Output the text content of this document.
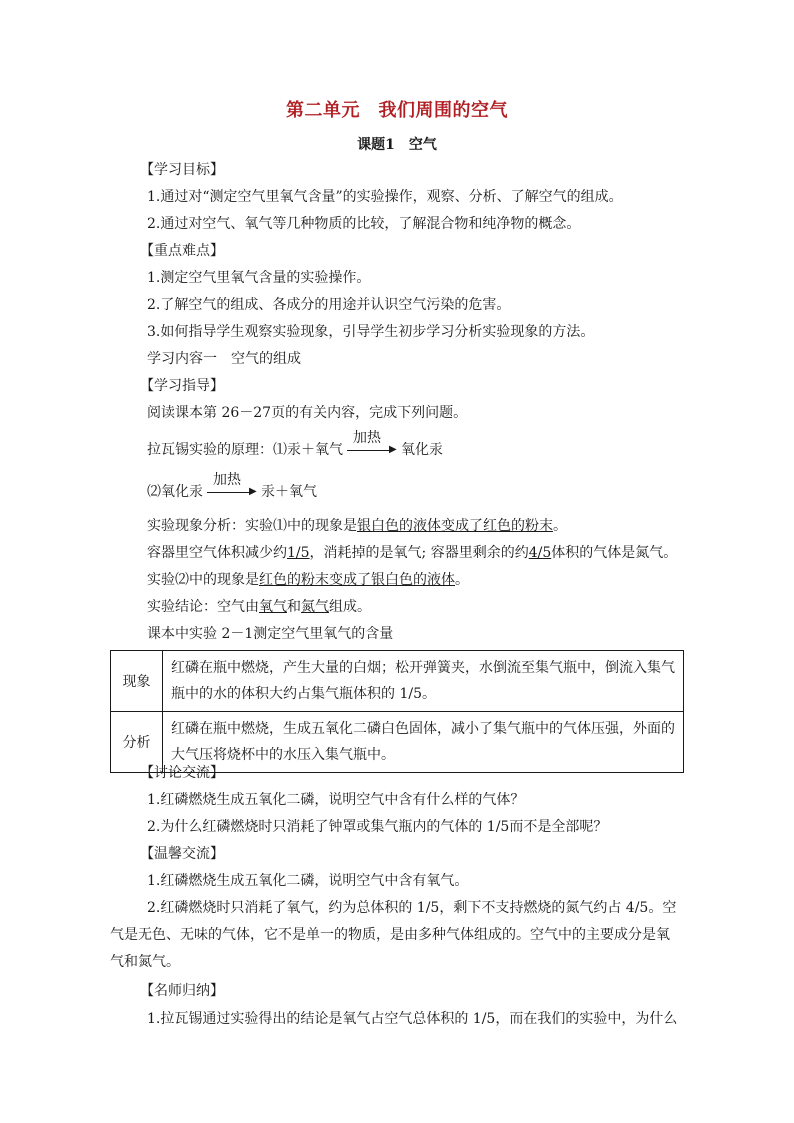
第二单元　我们周围的空气
课题1　空气
【学习目标】
1.通过对“测定空气里氧气含量”的实验操作，观察、分析、了解空气的组成。
2.通过对空气、氧气等几种物质的比较，了解混合物和纯净物的概念。
【重点难点】
1.测定空气里氧气含量的实验操作。
2.了解空气的组成、各成分的用途并认识空气污染的危害。
3.如何指导学生观察实验现象，引导学生初步学习分析实验现象的方法。
学习内容一　空气的组成
【学习指导】
阅读课本第 26－27页的有关内容，完成下列问题。
拉瓦锡实验的原理：⑴汞＋氧气
加热
▶ 氧化汞
⑵氧化汞
加热
▶ 汞＋氧气
实验现象分析：实验⑴中的现象是银白色的液体变成了红色的粉末。
容器里空气体积减少约1/5，消耗掉的是氧气; 容器里剩余的约4/5体积的气体是氮气。
实验⑵中的现象是红色的粉末变成了银白色的液体。
实验结论：空气由氧气和氮气组成。
课本中实验 2－1测定空气里氧气的含量
现象	红磷在瓶中燃烧，产生大量的白烟；松开弹簧夹，水倒流至集气瓶中，倒流入集气
瓶中的水的体积大约占集气瓶体积的 1/5。

分析	红磷在瓶中燃烧，生成五氧化二磷白色固体，减小了集气瓶中的气体压强，外面的
大气压将烧杯中的水压入集气瓶中。
【讨论交流】
1.红磷燃烧生成五氧化二磷，说明空气中含有什么样的气体？
2.为什么红磷燃烧时只消耗了钟罩或集气瓶内的气体的 1/5而不是全部呢？
【温馨交流】
1.红磷燃烧生成五氧化二磷，说明空气中含有氧气。
2.红磷燃烧时只消耗了氧气，约为总体积的 1/5，剩下不支持燃烧的氮气约占 4/5。空
气是无色、无味的气体，它不是单一的物质，是由多种气体组成的。空气中的主要成分是氧
气和氮气。
【名师归纳】
1.拉瓦锡通过实验得出的结论是氧气占空气总体积的 1/5，而在我们的实验中，为什么
